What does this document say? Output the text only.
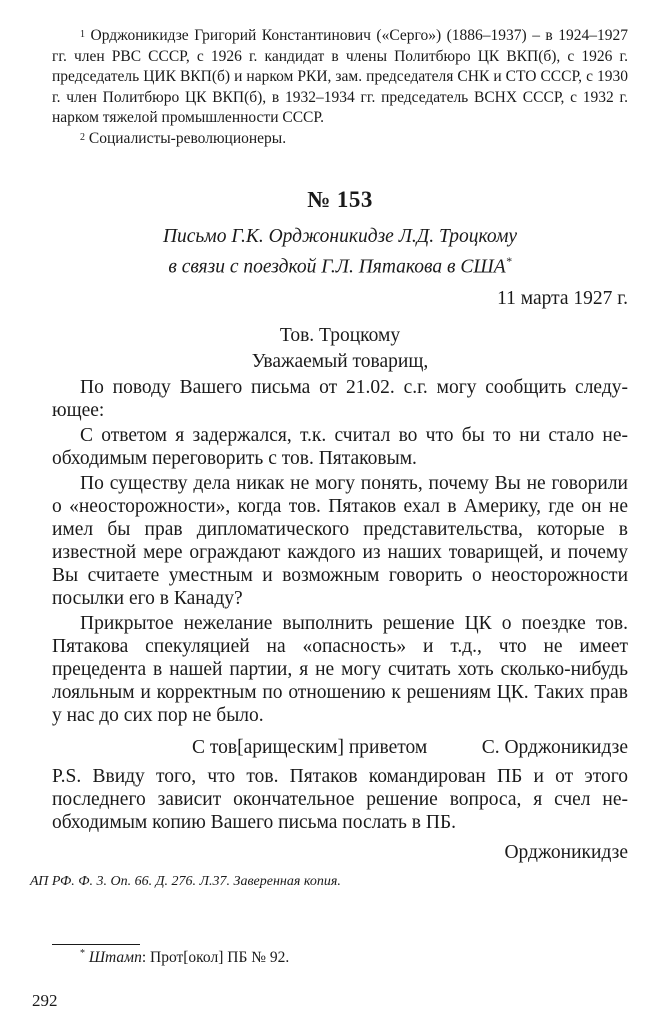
$^1$ Орджоникидзе Григорий Константинович («Серго») (1886–1937) – в 1924–1927 гг. член РВС СССР, с 1926 г. кандидат в члены Политбюро ЦК ВКП(б), с 1926 г. председатель ЦИК ВКП(б) и нарком РКИ, зам. председателя СНК и СТО СССР, с 1930 г. член Политбюро ЦК ВКП(б), в 1932–1934 гг. председатель ВСНХ СССР, с 1932 г. нарком тяжелой промышленности СССР.

$^2$ Социалисты-революционеры.

№ 153

Письмо Г.К. Орджоникидзе Л.Д. Троцкому
в связи с поездкой Г.Л. Пятакова в США*

11 марта 1927 г.
Тов. Троцкому
Уважаемый товарищ,

По поводу Вашего письма от 21.02. с.г. могу сообщить следующее:

С ответом я задержался, т.к. считал во что бы то ни стало необходимым переговорить с тов. Пятаковым.

По существу дела никак не могу понять, почему Вы не говорили о «неосторожности», когда тов. Пятаков ехал в Америку, где он не имел бы прав дипломатического представительства, которые в известной мере ограждают каждого из наших товарищей, и почему Вы считаете уместным и возможным говорить о неосторожности посылки его в Канаду?

Прикрытое нежелание выполнить решение ЦК о поездке тов. Пятакова спекуляцией на «опасность» и т.д., что не имеет прецедента в нашей партии, я не могу считать хоть сколько-нибудь лояльным и корректным по отношению к решениям ЦК. Таких прав у нас до сих пор не было.

С тов[арищеским] приветом	С. Орджоникидзе

P.S. Ввиду того, что тов. Пятаков командирован ПБ и от этого последнего зависит окончательное решение вопроса, я счел необходимым копию Вашего письма послать в ПБ.

Орджоникидзе

АП РФ. Ф. 3. Оп. 66. Д. 276. Л.37. Заверенная копия.

* Штамп: Прот[окол] ПБ № 92.
292
